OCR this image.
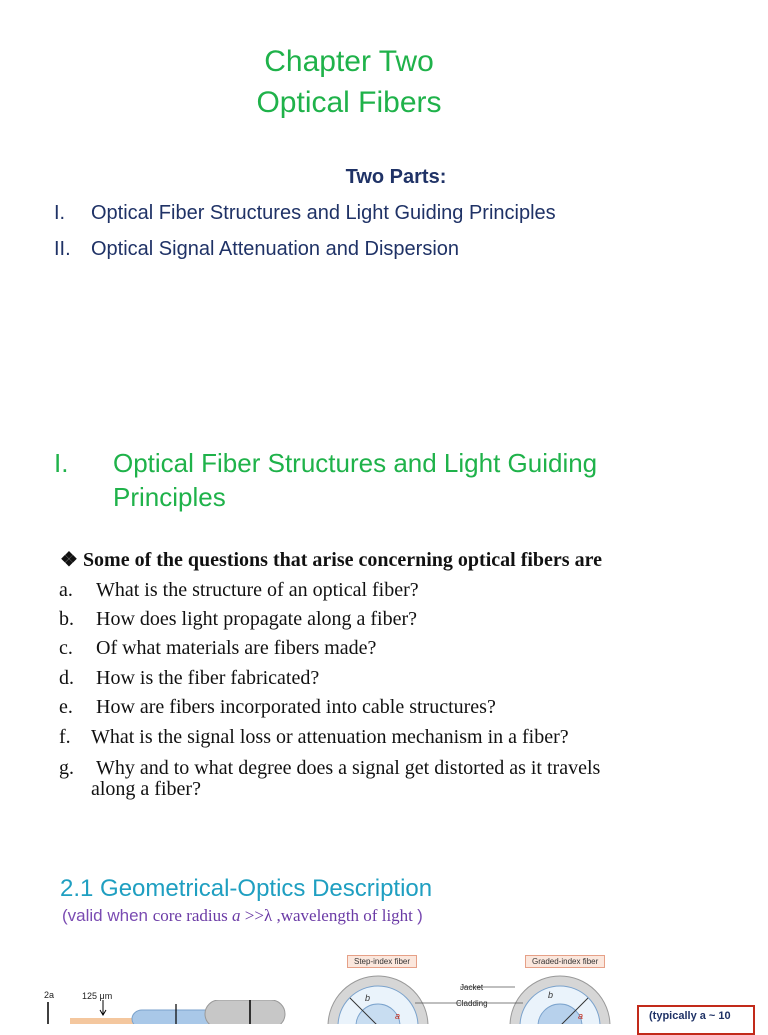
Chapter Two
Optical Fibers
Two Parts:
I. Optical Fiber Structures and Light Guiding Principles
II. Optical Signal Attenuation and Dispersion
I. Optical Fiber Structures and Light Guiding
Principles
❖ Some of the questions that arise concerning optical fibers are
a. What is the structure of an optical fiber?
b. How does light propagate along a fiber?
c. Of what materials are fibers made?
d. How is the fiber fabricated?
e. How are fibers incorporated into cable structures?
f. What is the signal loss or attenuation mechanism in a fiber?
g. Why and to what degree does a signal get distorted as it travels
along a fiber?
2.1 Geometrical-Optics Description
(valid when core radius a >>λ ,wavelength of light )
2a	125 μm
Step-index fiber	Graded-index fiber
Jacket
Cladding
b
a
b
a	(typically a ~ 10
